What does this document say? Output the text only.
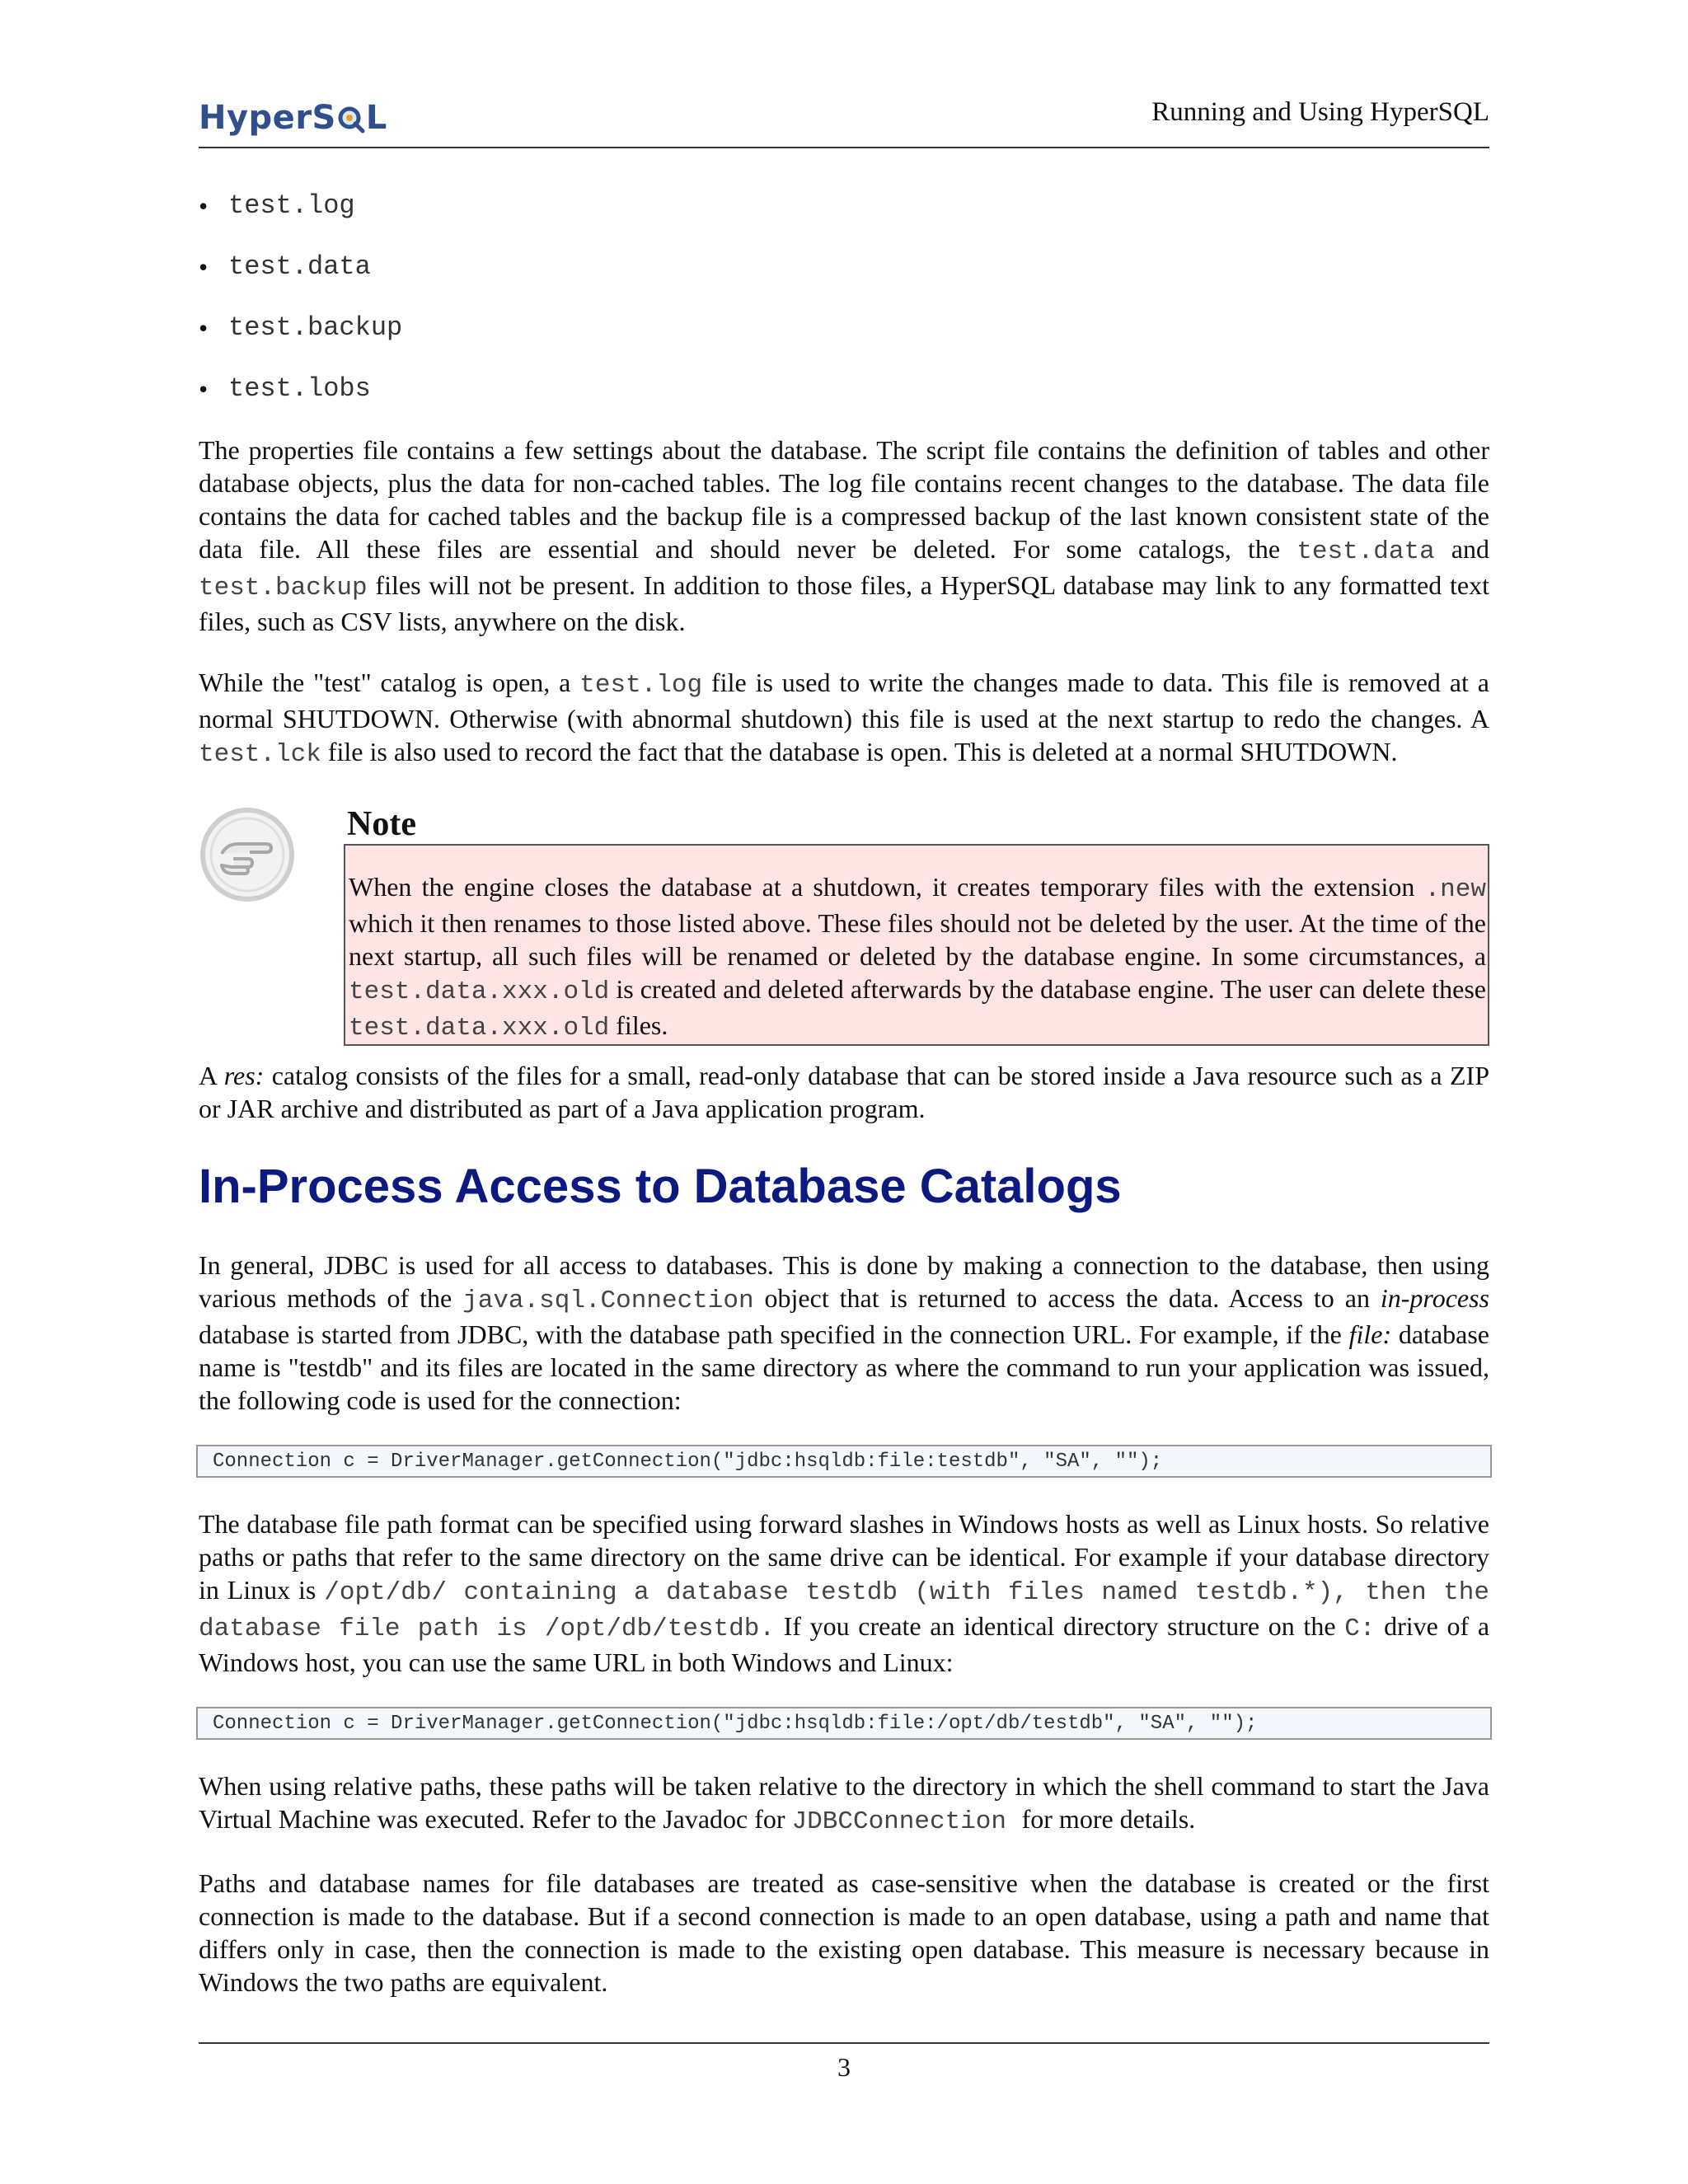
HyperS L	Running and Using HyperSQL
• test.log
• test.data
• test.backup
• test.lobs

The properties file contains a few settings about the database. The script file contains the definition of tables and other database objects, plus the data for non-cached tables. The log file contains recent changes to the database. The data file contains the data for cached tables and the backup file is a compressed backup of the last known consistent state of the data file. All these files are essential and should never be deleted. For some catalogs, the test.data and test.backup files will not be present. In addition to those files, a HyperSQL database may link to any formatted text files, such as CSV lists, anywhere on the disk.

While the "test" catalog is open, a test.log file is used to write the changes made to data. This file is removed at a normal SHUTDOWN. Otherwise (with abnormal shutdown) this file is used at the next startup to redo the changes. A test.lck file is also used to record the fact that the database is open. This is deleted at a normal SHUTDOWN.

Note
When the engine closes the database at a shutdown, it creates temporary files with the extension .new which it then renames to those listed above. These files should not be deleted by the user. At the time of the next startup, all such files will be renamed or deleted by the database engine. In some circumstances, a test.data.xxx.old is created and deleted afterwards by the database engine. The user can delete these test.data.xxx.old files.

A res: catalog consists of the files for a small, read-only database that can be stored inside a Java resource such as a ZIP or JAR archive and distributed as part of a Java application program.

In-Process Access to Database Catalogs

In general, JDBC is used for all access to databases. This is done by making a connection to the database, then using various methods of the java.sql.Connection object that is returned to access the data. Access to an in-process database is started from JDBC, with the database path specified in the connection URL. For example, if the file: database name is "testdb" and its files are located in the same directory as where the command to run your application was issued, the following code is used for the connection:

Connection c = DriverManager.getConnection("jdbc:hsqldb:file:testdb", "SA", "");

The database file path format can be specified using forward slashes in Windows hosts as well as Linux hosts. So relative paths or paths that refer to the same directory on the same drive can be identical. For example if your database directory in Linux is /opt/db/ containing a database testdb (with files named testdb.*), then the database file path is /opt/db/testdb. If you create an identical directory structure on the C: drive of a Windows host, you can use the same URL in both Windows and Linux:

Connection c = DriverManager.getConnection("jdbc:hsqldb:file:/opt/db/testdb", "SA", "");

When using relative paths, these paths will be taken relative to the directory in which the shell command to start the Java Virtual Machine was executed. Refer to the Javadoc for JDBCConnection for more details.

Paths and database names for file databases are treated as case-sensitive when the database is created or the first connection is made to the database. But if a second connection is made to an open database, using a path and name that differs only in case, then the connection is made to the existing open database. This measure is necessary because in Windows the two paths are equivalent.

3
